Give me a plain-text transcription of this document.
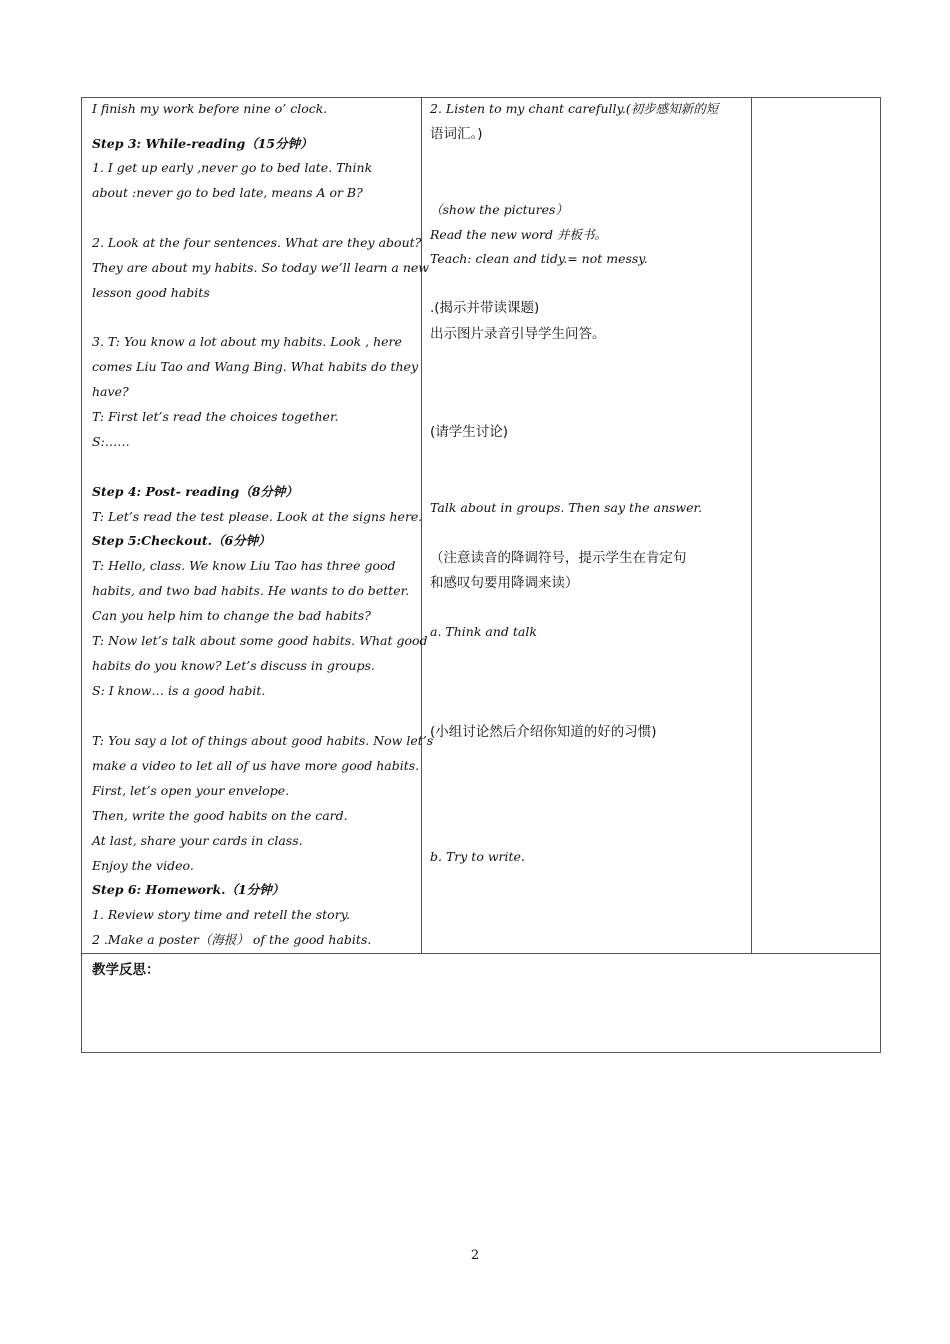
I finish my work before nine o’ clock.
Step 3: While-reading（15分钟）
1. I get up early ,never go to bed late. Think
about :never go to bed late, means A or B?
2. Look at the four sentences. What are they about?
They are about my habits. So today we’ll learn a new
lesson good habits
3. T: You know a lot about my habits. Look , here
comes Liu Tao and Wang Bing. What habits do they
have?
T: First let’s read the choices together.
S:……
Step 4: Post- reading（8分钟）
T: Let’s read the test please. Look at the signs here.
Step 5:Checkout.（6分钟）
T: Hello, class. We know Liu Tao has three good
habits, and two bad habits. He wants to do better.
Can you help him to change the bad habits?
T: Now let’s talk about some good habits. What good
habits do you know? Let’s discuss in groups.
S: I know… is a good habit.
T: You say a lot of things about good habits. Now let’s
make a video to let all of us have more good habits.
First, let’s open your envelope.
Then, write the good habits on the card.
At last, share your cards in class.
Enjoy the video.
Step 6: Homework.（1分钟）
1. Review story time and retell the story.
2 .Make a poster（海报） of the good habits.
2. Listen to my chant carefully.(初步感知新的短
语词汇。)
（show the pictures）
Read the new word 并板书。
Teach: clean and tidy.= not messy.
.(揭示并带读课题)
出示图片录音引导学生问答。
(请学生讨论)
Talk about in groups. Then say the answer.
（注意读音的降调符号，提示学生在肯定句
和感叹句要用降调来读）
a. Think and talk
(小组讨论然后介绍你知道的好的习惯)
b. Try to write.
教学反思：
2
